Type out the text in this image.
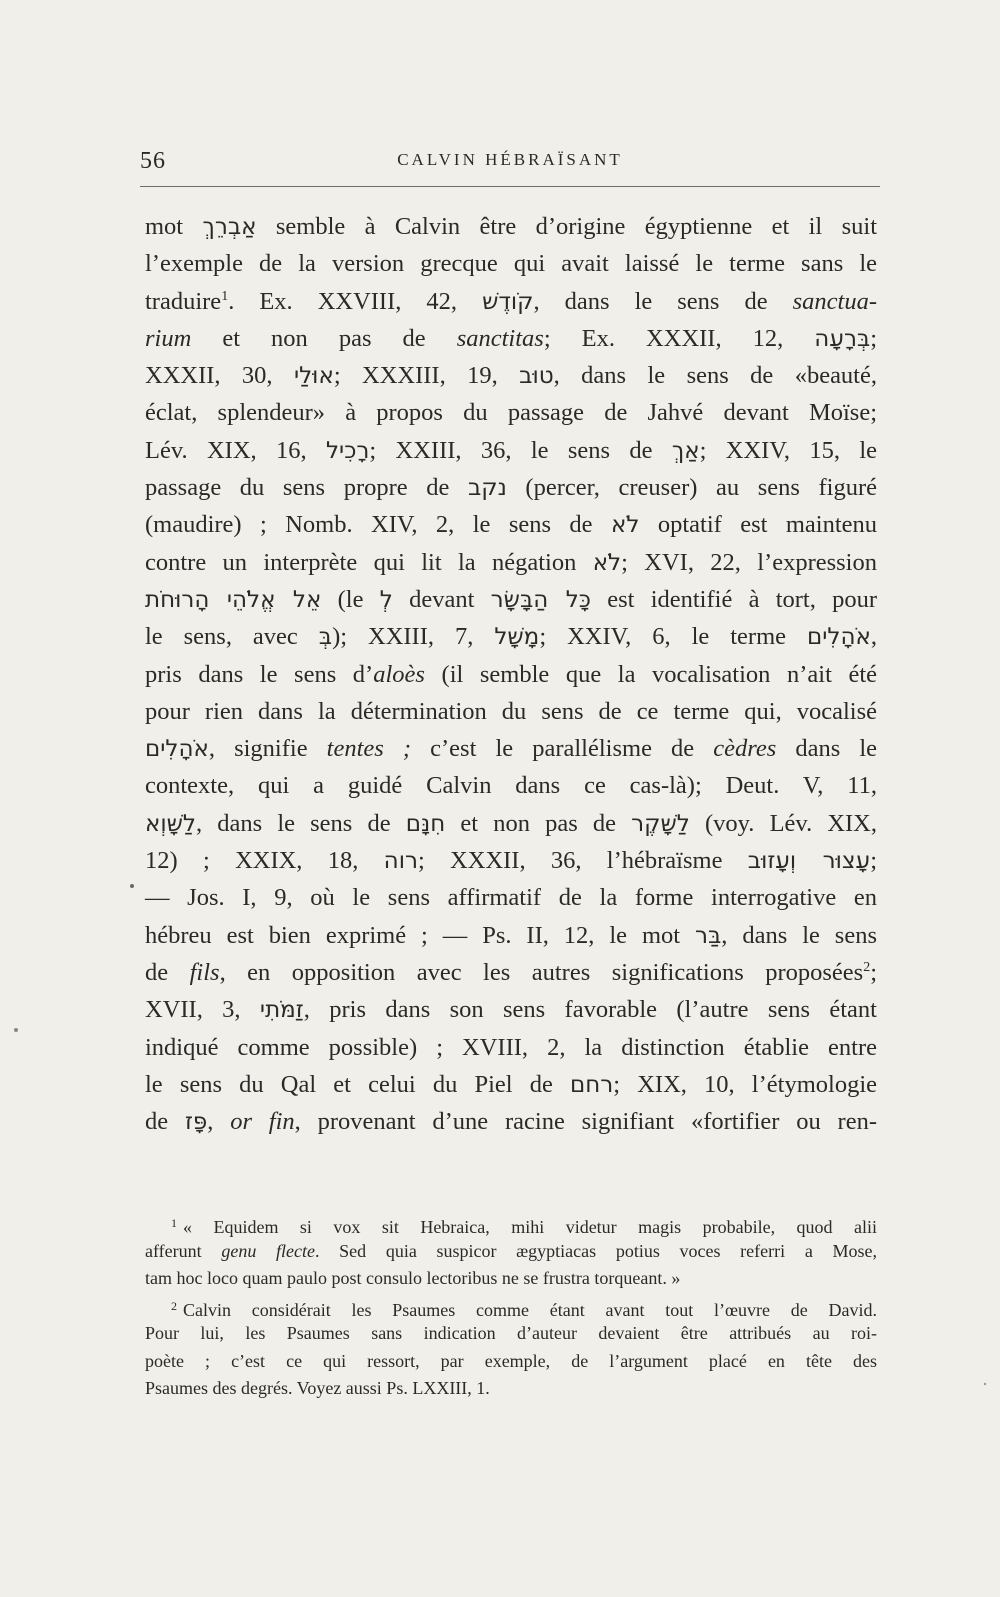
56	CALVIN HÉBRAÏSANT
mot אַבְרֵךְ semble à Calvin être d’origine égyptienne et il suit
l’exemple de la version grecque qui avait laissé le terme sans le
traduire$^1$. Ex. XXVIII, 42, קֹודֶשׁ, dans le sens de sanctua-
rium et non pas de sanctitas; Ex. XXXII, 12, בְּרָעָה;
XXXII, 30, אוּלַי; XXXIII, 19, טוּב, dans le sens de «beauté,
éclat, splendeur» à propos du passage de Jahvé devant Moïse;
Lév. XIX, 16, רָכִיל; XXIII, 36, le sens de אַךְ; XXIV, 15, le
passage du sens propre de נקב (percer, creuser) au sens figuré
(maudire) ; Nomb. XIV, 2, le sens de לֹא optatif est maintenu
contre un interprète qui lit la négation לֹא; XVI, 22, l’expression
אֵל אֱלֹהֵי הָרוּחֹת (le לְ devant כָּל הַבָּשָׂר est identifié à tort, pour
le sens, avec בְּ); XXIII, 7, מָשָׁל; XXIV, 6, le terme אֹהָלִים,
pris dans le sens d’aloès (il semble que la vocalisation n’ait été
pour rien dans la détermination du sens de ce terme qui, vocalisé
אֹהָלִים, signifie tentes ; c’est le parallélisme de cèdres dans le
contexte, qui a guidé Calvin dans ce cas-là); Deut. V, 11,
לַשָּׁוְא, dans le sens de חִנָּם et non pas de לַשָּׁקֶר (voy. Lév. XIX,
12) ; XXIX, 18, רוה; XXXII, 36, l’hébraïsme עָצוּר וְעָזוּב;
— Jos. I, 9, où le sens affirmatif de la forme interrogative en
hébreu est bien exprimé ; — Ps. II, 12, le mot בַּר, dans le sens
de fils, en opposition avec les autres significations proposées$^2$;
XVII, 3, זַמֹּתִי, pris dans son sens favorable (l’autre sens étant
indiqué comme possible) ; XVIII, 2, la distinction établie entre
le sens du Qal et celui du Piel de רחם; XIX, 10, l’étymologie
de פָּז, or fin, provenant d’une racine signifiant «fortifier ou ren-
$^1$ « Equidem si vox sit Hebraica, mihi videtur magis probabile, quod alii
afferunt genu flecte. Sed quia suspicor ægyptiacas potius voces referri a Mose,
tam hoc loco quam paulo post consulo lectoribus ne se frustra torqueant. »
$^2$ Calvin considérait les Psaumes comme étant avant tout l’œuvre de David.
Pour lui, les Psaumes sans indication d’auteur devaient être attribués au roi-
poète ; c’est ce qui ressort, par exemple, de l’argument placé en tête des
Psaumes des degrés. Voyez aussi Ps. LXXIII, 1.
